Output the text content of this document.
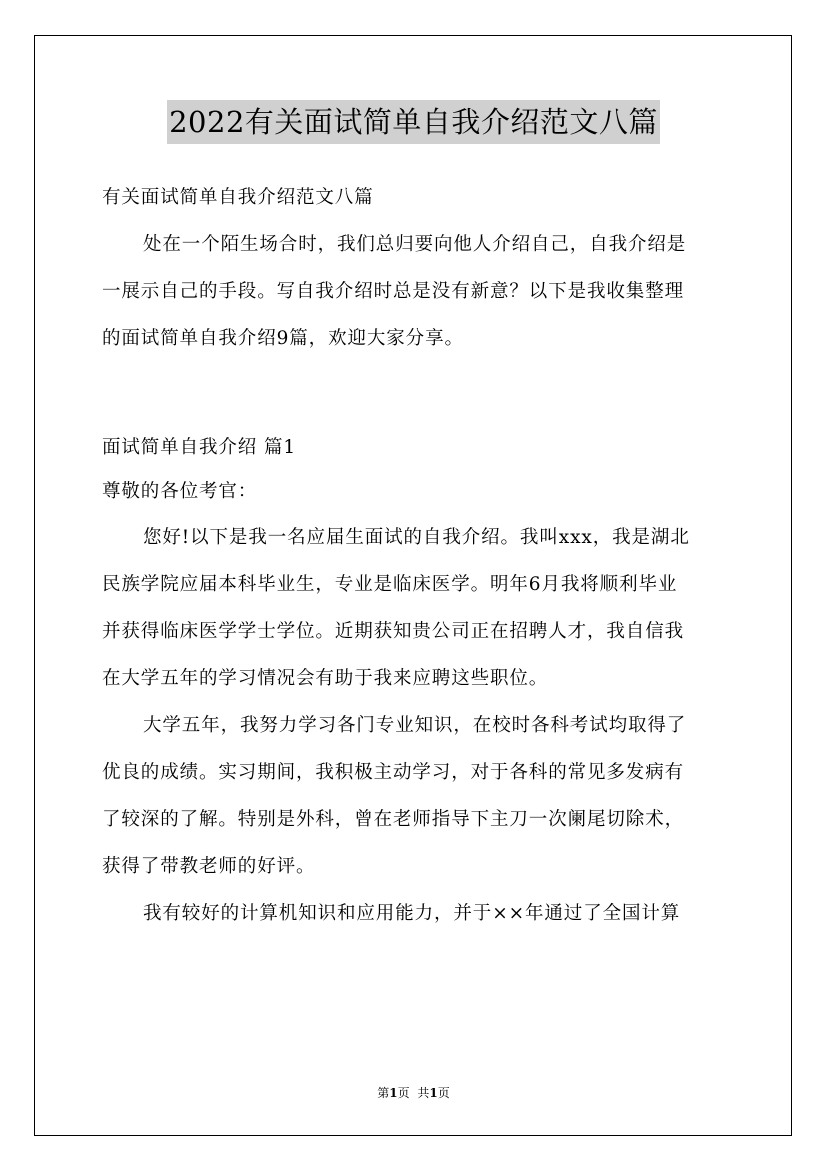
2022有关面试简单自我介绍范文八篇
有关面试简单自我介绍范文八篇
处在一个陌生场合时，我们总归要向他人介绍自己，自我介绍是
一展示自己的手段。写自我介绍时总是没有新意？以下是我收集整理
的面试简单自我介绍9篇，欢迎大家分享。
面试简单自我介绍 篇1
尊敬的各位考官：
您好!以下是我一名应届生面试的自我介绍。我叫xxx，我是湖北
民族学院应届本科毕业生，专业是临床医学。明年6月我将顺利毕业
并获得临床医学学士学位。近期获知贵公司正在招聘人才，我自信我
在大学五年的学习情况会有助于我来应聘这些职位。
大学五年，我努力学习各门专业知识，在校时各科考试均取得了
优良的成绩。实习期间，我积极主动学习，对于各科的常见多发病有
了较深的了解。特别是外科，曾在老师指导下主刀一次阑尾切除术，
获得了带教老师的好评。
我有较好的计算机知识和应用能力，并于××年通过了全国计算
第1页 共1页
